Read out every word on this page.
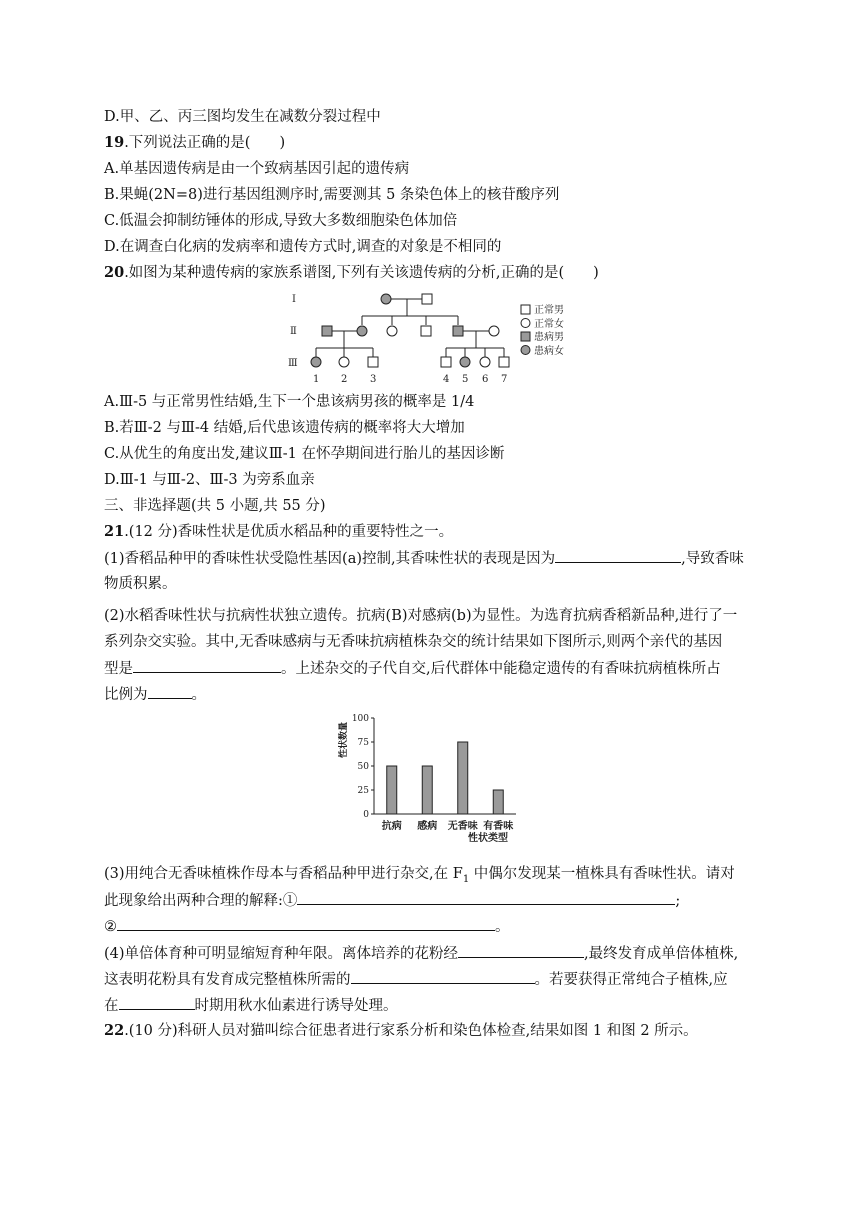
D.甲、乙、丙三图均发生在减数分裂过程中
19.下列说法正确的是(　　)
A.单基因遗传病是由一个致病基因引起的遗传病
B.果蝇(2N=8)进行基因组测序时,需要测其 5 条染色体上的核苷酸序列
C.低温会抑制纺锤体的形成,导致大多数细胞染色体加倍
D.在调查白化病的发病率和遗传方式时,调查的对象是不相同的
20.如图为某种遗传病的家族系谱图,下列有关该遗传病的分析,正确的是(　　)
Ⅰ
Ⅱ
Ⅲ
1 2 3	4 5 6 7
正常男
正常女
患病男
患病女
A.Ⅲ-5 与正常男性结婚,生下一个患该病男孩的概率是 1/4
B.若Ⅲ-2 与Ⅲ-4 结婚,后代患该遗传病的概率将大大增加
C.从优生的角度出发,建议Ⅲ-1 在怀孕期间进行胎儿的基因诊断
D.Ⅲ-1 与Ⅲ-2、Ⅲ-3 为旁系血亲
三、非选择题(共 5 小题,共 55 分)
21.(12 分)香味性状是优质水稻品种的重要特性之一。
(1)香稻品种甲的香味性状受隐性基因(a)控制,其香味性状的表现是因为	,导致香味
物质积累。
(2)水稻香味性状与抗病性状独立遗传。抗病(B)对感病(b)为显性。为选育抗病香稻新品种,进行了一
系列杂交实验。其中,无香味感病与无香味抗病植株杂交的统计结果如下图所示,则两个亲代的基因
型是	。上述杂交的子代自交,后代群体中能稳定遗传的有香味抗病植株所占
比例为	。
0
25
50
75
100
抗病 感病 无香味 有香味
性状数量
性状类型
(3)用纯合无香味植株作母本与香稻品种甲进行杂交,在 $F_1$ 中偶尔发现某一植株具有香味性状。请对
此现象给出两种合理的解释:①	;
②	。
(4)单倍体育种可明显缩短育种年限。离体培养的花粉经	,最终发育成单倍体植株,
这表明花粉具有发育成完整植株所需的	。若要获得正常纯合子植株,应
在	时期用秋水仙素进行诱导处理。
22.(10 分)科研人员对猫叫综合征患者进行家系分析和染色体检查,结果如图 1 和图 2 所示。
